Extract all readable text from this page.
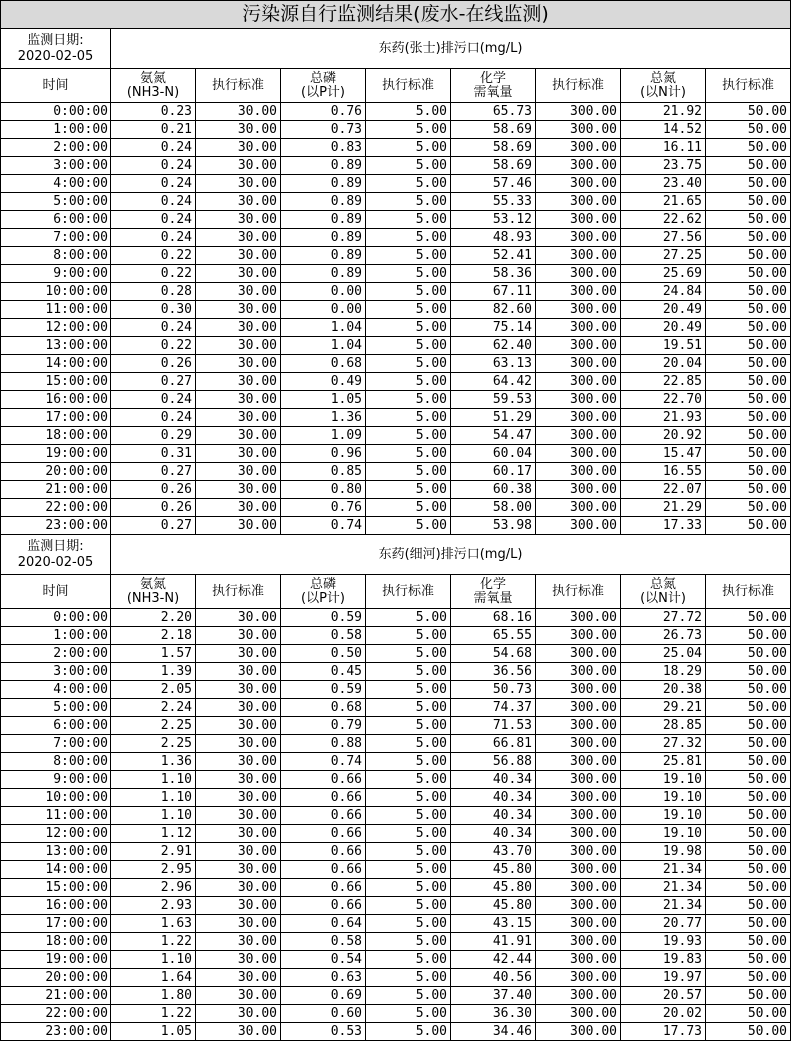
污染源自行监测结果(废水-在线监测)								

监测日期:
2020-02-05	东药(张士)排污口(mg/L)							

时间	氨氮
(NH3-N)	执行标准	总磷
(以P计)	执行标准	化学
需氧量	执行标准	总氮
(以N计)	执行标准

0:00:00	0.23	30.00	0.76	5.00	65.73	300.00	21.92	50.00
1:00:00	0.21	30.00	0.73	5.00	58.69	300.00	14.52	50.00
2:00:00	0.24	30.00	0.83	5.00	58.69	300.00	16.11	50.00
3:00:00	0.24	30.00	0.89	5.00	58.69	300.00	23.75	50.00
4:00:00	0.24	30.00	0.89	5.00	57.46	300.00	23.40	50.00
5:00:00	0.24	30.00	0.89	5.00	55.33	300.00	21.65	50.00
6:00:00	0.24	30.00	0.89	5.00	53.12	300.00	22.62	50.00
7:00:00	0.24	30.00	0.89	5.00	48.93	300.00	27.56	50.00
8:00:00	0.22	30.00	0.89	5.00	52.41	300.00	27.25	50.00
9:00:00	0.22	30.00	0.89	5.00	58.36	300.00	25.69	50.00
10:00:00	0.28	30.00	0.00	5.00	67.11	300.00	24.84	50.00
11:00:00	0.30	30.00	0.00	5.00	82.60	300.00	20.49	50.00
12:00:00	0.24	30.00	1.04	5.00	75.14	300.00	20.49	50.00
13:00:00	0.22	30.00	1.04	5.00	62.40	300.00	19.51	50.00
14:00:00	0.26	30.00	0.68	5.00	63.13	300.00	20.04	50.00
15:00:00	0.27	30.00	0.49	5.00	64.42	300.00	22.85	50.00
16:00:00	0.24	30.00	1.05	5.00	59.53	300.00	22.70	50.00
17:00:00	0.24	30.00	1.36	5.00	51.29	300.00	21.93	50.00
18:00:00	0.29	30.00	1.09	5.00	54.47	300.00	20.92	50.00
19:00:00	0.31	30.00	0.96	5.00	60.04	300.00	15.47	50.00
20:00:00	0.27	30.00	0.85	5.00	60.17	300.00	16.55	50.00
21:00:00	0.26	30.00	0.80	5.00	60.38	300.00	22.07	50.00
22:00:00	0.26	30.00	0.76	5.00	58.00	300.00	21.29	50.00
23:00:00	0.27	30.00	0.74	5.00	53.98	300.00	17.33	50.00

监测日期:
2020-02-05	东药(细河)排污口(mg/L)							

时间	氨氮
(NH3-N)	执行标准	总磷
(以P计)	执行标准	化学
需氧量	执行标准	总氮
(以N计)	执行标准

0:00:00	2.20	30.00	0.59	5.00	68.16	300.00	27.72	50.00
1:00:00	2.18	30.00	0.58	5.00	65.55	300.00	26.73	50.00
2:00:00	1.57	30.00	0.50	5.00	54.68	300.00	25.04	50.00
3:00:00	1.39	30.00	0.45	5.00	36.56	300.00	18.29	50.00
4:00:00	2.05	30.00	0.59	5.00	50.73	300.00	20.38	50.00
5:00:00	2.24	30.00	0.68	5.00	74.37	300.00	29.21	50.00
6:00:00	2.25	30.00	0.79	5.00	71.53	300.00	28.85	50.00
7:00:00	2.25	30.00	0.88	5.00	66.81	300.00	27.32	50.00
8:00:00	1.36	30.00	0.74	5.00	56.88	300.00	25.81	50.00
9:00:00	1.10	30.00	0.66	5.00	40.34	300.00	19.10	50.00
10:00:00	1.10	30.00	0.66	5.00	40.34	300.00	19.10	50.00
11:00:00	1.10	30.00	0.66	5.00	40.34	300.00	19.10	50.00
12:00:00	1.12	30.00	0.66	5.00	40.34	300.00	19.10	50.00
13:00:00	2.91	30.00	0.66	5.00	43.70	300.00	19.98	50.00
14:00:00	2.95	30.00	0.66	5.00	45.80	300.00	21.34	50.00
15:00:00	2.96	30.00	0.66	5.00	45.80	300.00	21.34	50.00
16:00:00	2.93	30.00	0.66	5.00	45.80	300.00	21.34	50.00
17:00:00	1.63	30.00	0.64	5.00	43.15	300.00	20.77	50.00
18:00:00	1.22	30.00	0.58	5.00	41.91	300.00	19.93	50.00
19:00:00	1.10	30.00	0.54	5.00	42.44	300.00	19.83	50.00
20:00:00	1.64	30.00	0.63	5.00	40.56	300.00	19.97	50.00
21:00:00	1.80	30.00	0.69	5.00	37.40	300.00	20.57	50.00
22:00:00	1.22	30.00	0.60	5.00	36.30	300.00	20.02	50.00
23:00:00	1.05	30.00	0.53	5.00	34.46	300.00	17.73	50.00
